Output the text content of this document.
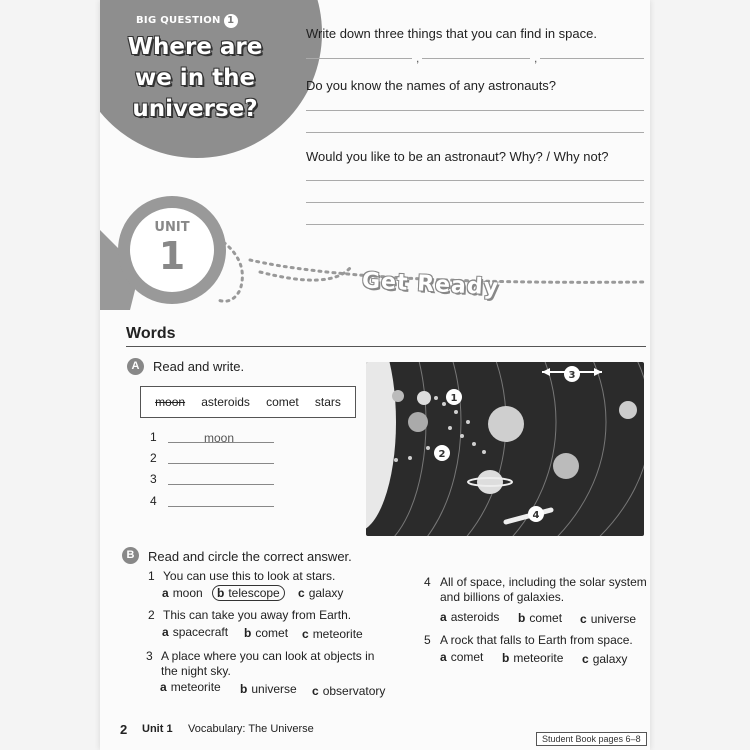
BIG QUESTION 1
Where are we in the universe?
Write down three things that you can find in space.
,	,
Do you know the names of any astronauts?
Would you like to be an astronaut? Why? / Why not?
UNIT
1
Get Ready
Words
A	Read and write.
moon asteroids comet stars
1	moon
2
3
4
1
2
3
4
B	Read and circle the correct answer.
1 You can use this to look at stars.
a moon	b telescope	c galaxy
2 This can take you away from Earth.
a spacecraft b comet c meteorite
3 A place where you can look at objects in the night sky.
a meteorite b universe c observatory
4 All of space, including the solar system and billions of galaxies.
a asteroids b comet c universe
5 A rock that falls to Earth from space.
a comet b meteorite c galaxy
2 Unit 1 Vocabulary: The Universe
Student Book pages 6–8
